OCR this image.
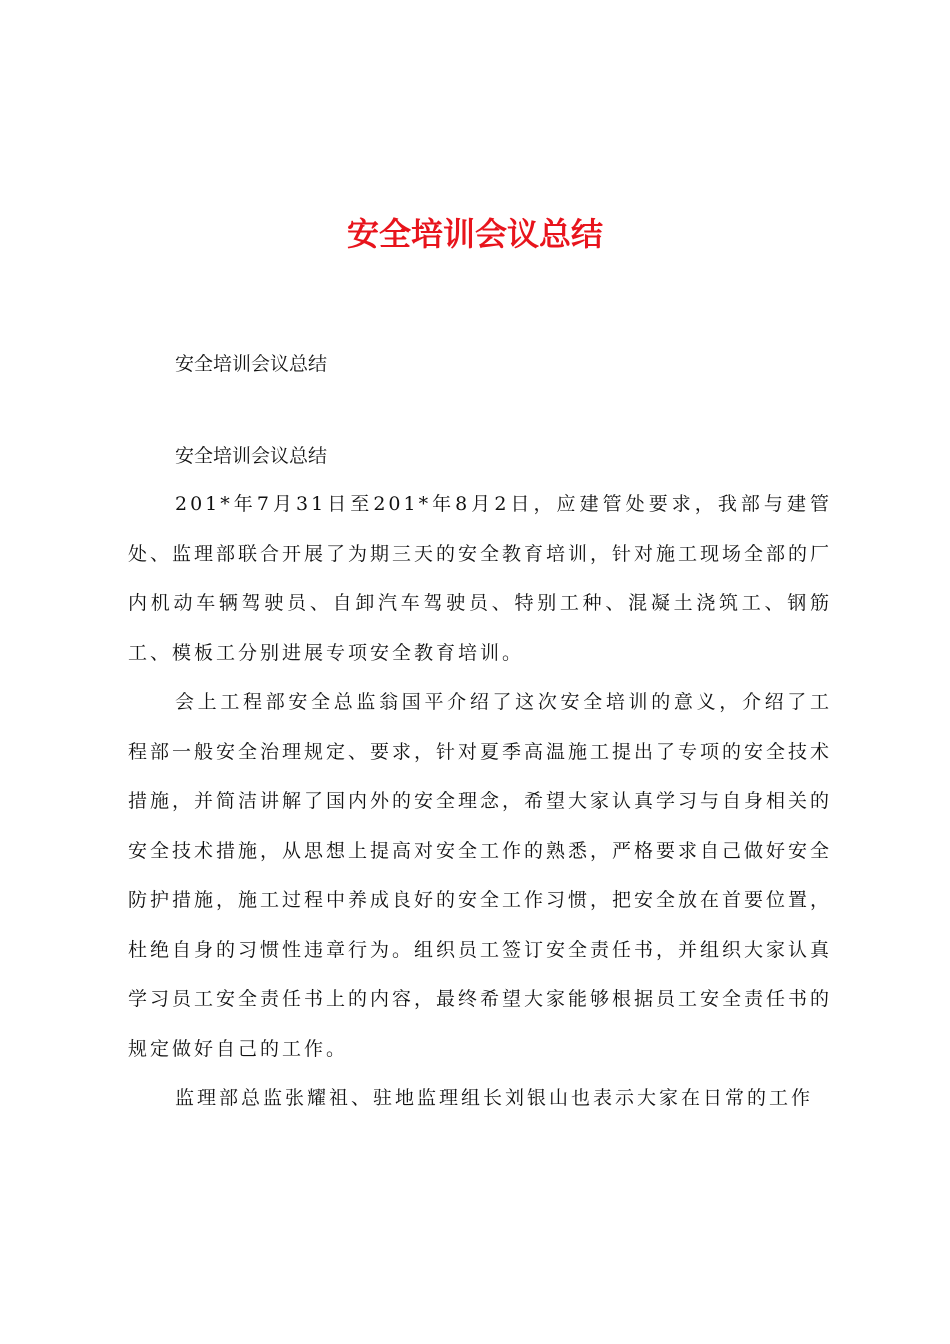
安全培训会议总结

安全培训会议总结

安全培训会议总结

201*年7月31日至201*年8月2日，应建管处要求，我部与建管处、监理部联合开展了为期三天的安全教育培训，针对施工现场全部的厂内机动车辆驾驶员、自卸汽车驾驶员、特别工种、混凝土浇筑工、钢筋工、模板工分别进展专项安全教育培训。

会上工程部安全总监翁国平介绍了这次安全培训的意义，介绍了工程部一般安全治理规定、要求，针对夏季高温施工提出了专项的安全技术措施，并简洁讲解了国内外的安全理念，希望大家认真学习与自身相关的安全技术措施，从思想上提高对安全工作的熟悉，严格要求自己做好安全防护措施，施工过程中养成良好的安全工作习惯，把安全放在首要位置，杜绝自身的习惯性违章行为。组织员工签订安全责任书，并组织大家认真学习员工安全责任书上的内容，最终希望大家能够根据员工安全责任书的规定做好自己的工作。

监理部总监张耀祖、驻地监理组长刘银山也表示大家在日常的工作
